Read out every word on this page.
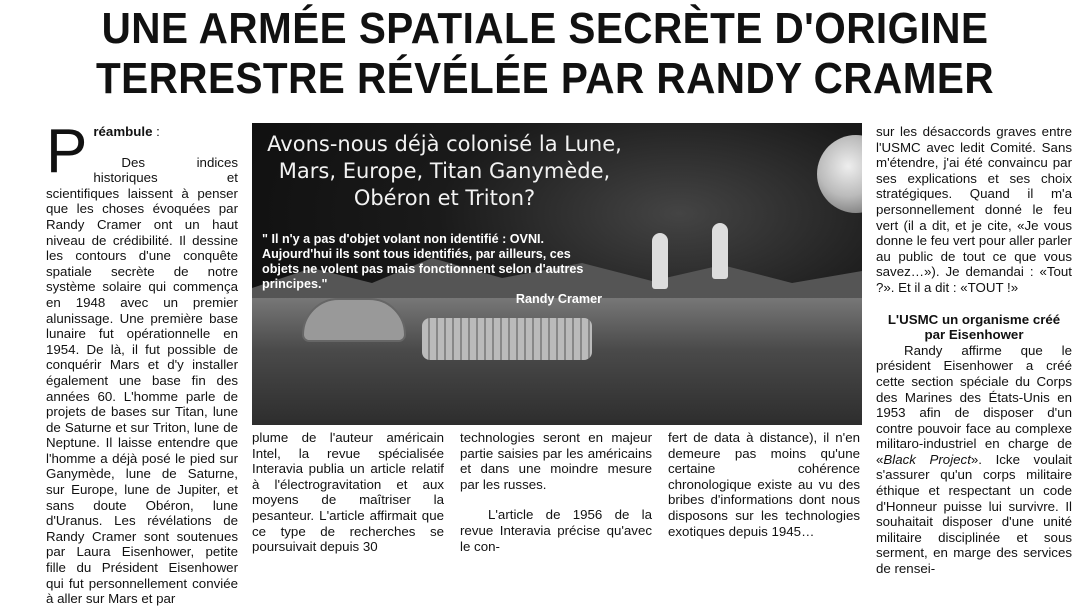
UNE ARMÉE SPATIALE SECRÈTE D'ORIGINE
TERRESTRE RÉVÉLÉE PAR RANDY CRAMER

P réambule :

Des indices historiques et scientifiques laissent à penser que les choses évoquées par Randy Cramer ont un haut niveau de crédibilité. Il dessine les contours d'une conquête spatiale secrète de notre système solaire qui commença en 1948 avec un premier alunissage. Une première base lunaire fut opérationnelle en 1954. De là, il fut possible de conquérir Mars et d'y installer également une base fin des années 60. L'homme parle de projets de bases sur Titan, lune de Saturne et sur Triton, lune de Neptune. Il laisse entendre que l'homme a déjà posé le pied sur Ganymède, lune de Saturne, sur Europe, lune de Jupiter, et sans doute Obéron, lune d'Uranus. Les révélations de Randy Cramer sont soutenues par Laura Eisenhower, petite fille du Président Eisenhower qui fut personnellement conviée à aller sur Mars et par

Avons-nous déjà colonisé la Lune, Mars, Europe, Titan Ganymède, Obéron et Triton?
" Il n'y a pas d'objet volant non identifié : OVNI. Aujourd'hui ils sont tous identifiés, par ailleurs, ces objets ne volent pas mais fonctionnent selon d'autres principes."
Randy Cramer

plume de l'auteur américain Intel, la revue spécialisée Interavia publia un article relatif à l'électrogravitation et aux moyens de maîtriser la pesanteur. L'article affirmait que ce type de recherches se poursuivait depuis 30

technologies seront en majeur partie saisies par les américains et dans une moindre mesure par les russes.

L'article de 1956 de la revue Interavia précise qu'avec le con-

fert de data à distance), il n'en demeure pas moins qu'une certaine cohérence chronologique existe au vu des bribes d'informations dont nous disposons sur les technologies exotiques depuis 1945…

sur les désaccords graves entre l'USMC avec ledit Comité. Sans m'étendre, j'ai été convaincu par ses explications et ses choix stratégiques. Quand il m'a personnellement donné le feu vert (il a dit, et je cite, «Je vous donne le feu vert pour aller parler au public de tout ce que vous savez…»). Je demandai : «Tout ?». Et il a dit : «TOUT !»

L'USMC un organisme créé par Eisenhower

Randy affirme que le président Eisenhower a créé cette section spéciale du Corps des Marines des États-Unis en 1953 afin de disposer d'un contre pouvoir face au complexe militaro-industriel en charge de «Black Project». Icke voulait s'assurer qu'un corps militaire éthique et respectant un code d'Honneur puisse lui survivre. Il souhaitait disposer d'une unité militaire disciplinée et sous serment, en marge des services de rensei-
